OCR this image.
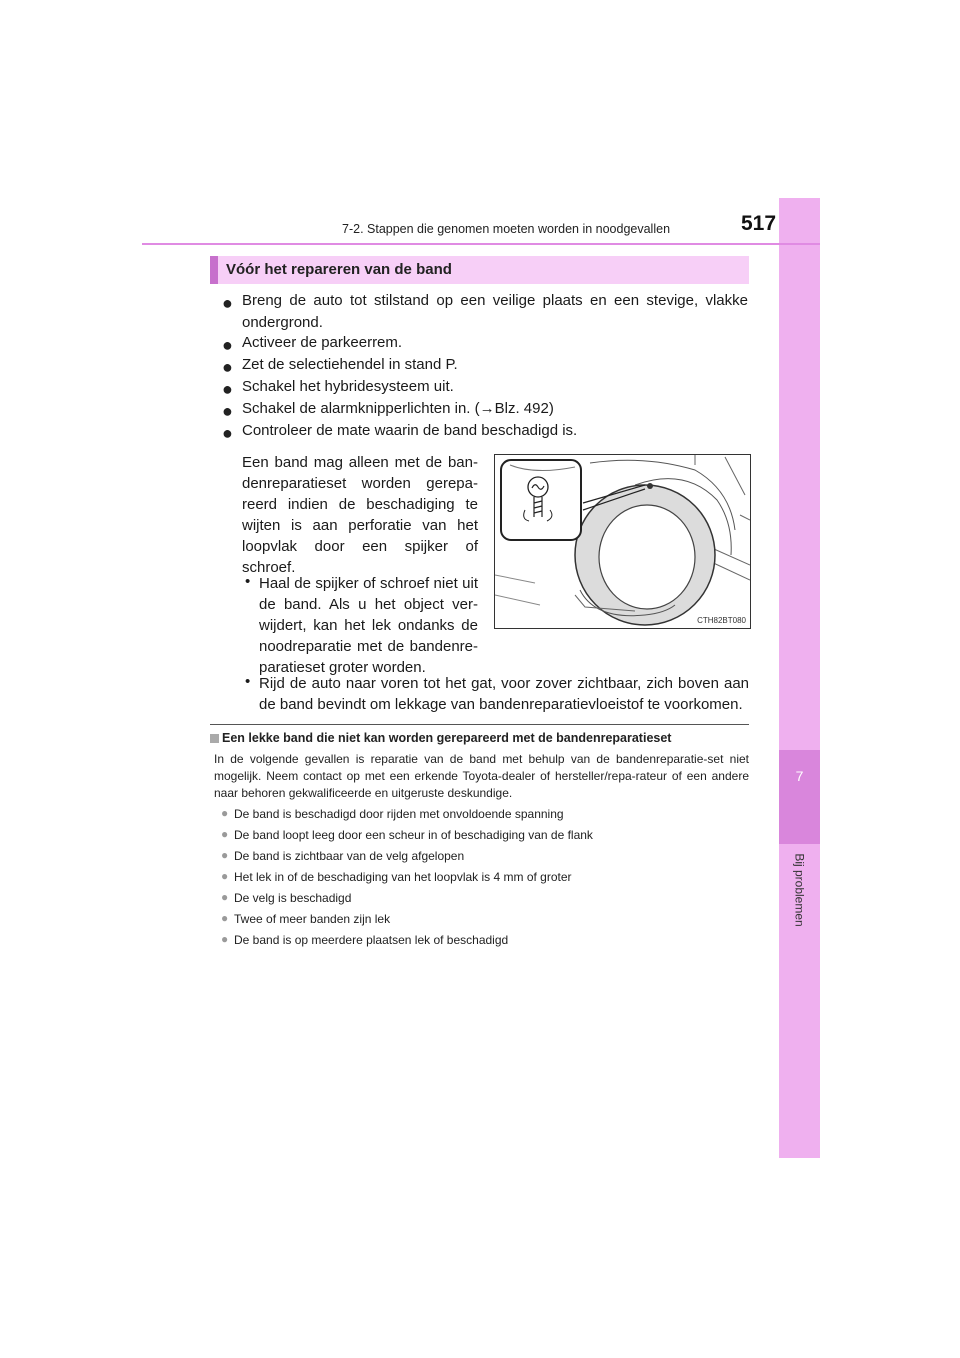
7
Bij problemen
7-2. Stappen die genomen moeten worden in noodgevallen	517
Vóór het repareren van de band
● Breng de auto tot stilstand op een veilige plaats en een stevige, vlakke ondergrond.
● Activeer de parkeerrem.
● Zet de selectiehendel in stand P.
● Schakel het hybridesysteem uit.
● Schakel de alarmknipperlichten in. (→Blz. 492)
● Controleer de mate waarin de band beschadigd is.
Een band mag alleen met de ban-denreparatieset worden gerepa-reerd indien de beschadiging te wijten is aan perforatie van het loopvlak door een spijker of schroef.
• Haal de spijker of schroef niet uit de band. Als u het object ver-wijdert, kan het lek ondanks de noodreparatie met de bandenre-paratieset groter worden.
• Rijd de auto naar voren tot het gat, voor zover zichtbaar, zich boven aan de band bevindt om lekkage van bandenreparatievloeistof te voorkomen.
CTH82BT080
Een lekke band die niet kan worden gerepareerd met de bandenreparatieset
In de volgende gevallen is reparatie van de band met behulp van de bandenreparatie-set niet mogelijk. Neem contact op met een erkende Toyota-dealer of hersteller/repa-rateur of een andere naar behoren gekwalificeerde en uitgeruste deskundige.
● De band is beschadigd door rijden met onvoldoende spanning
● De band loopt leeg door een scheur in of beschadiging van de flank
● De band is zichtbaar van de velg afgelopen
● Het lek in of de beschadiging van het loopvlak is 4 mm of groter
● De velg is beschadigd
● Twee of meer banden zijn lek
● De band is op meerdere plaatsen lek of beschadigd
